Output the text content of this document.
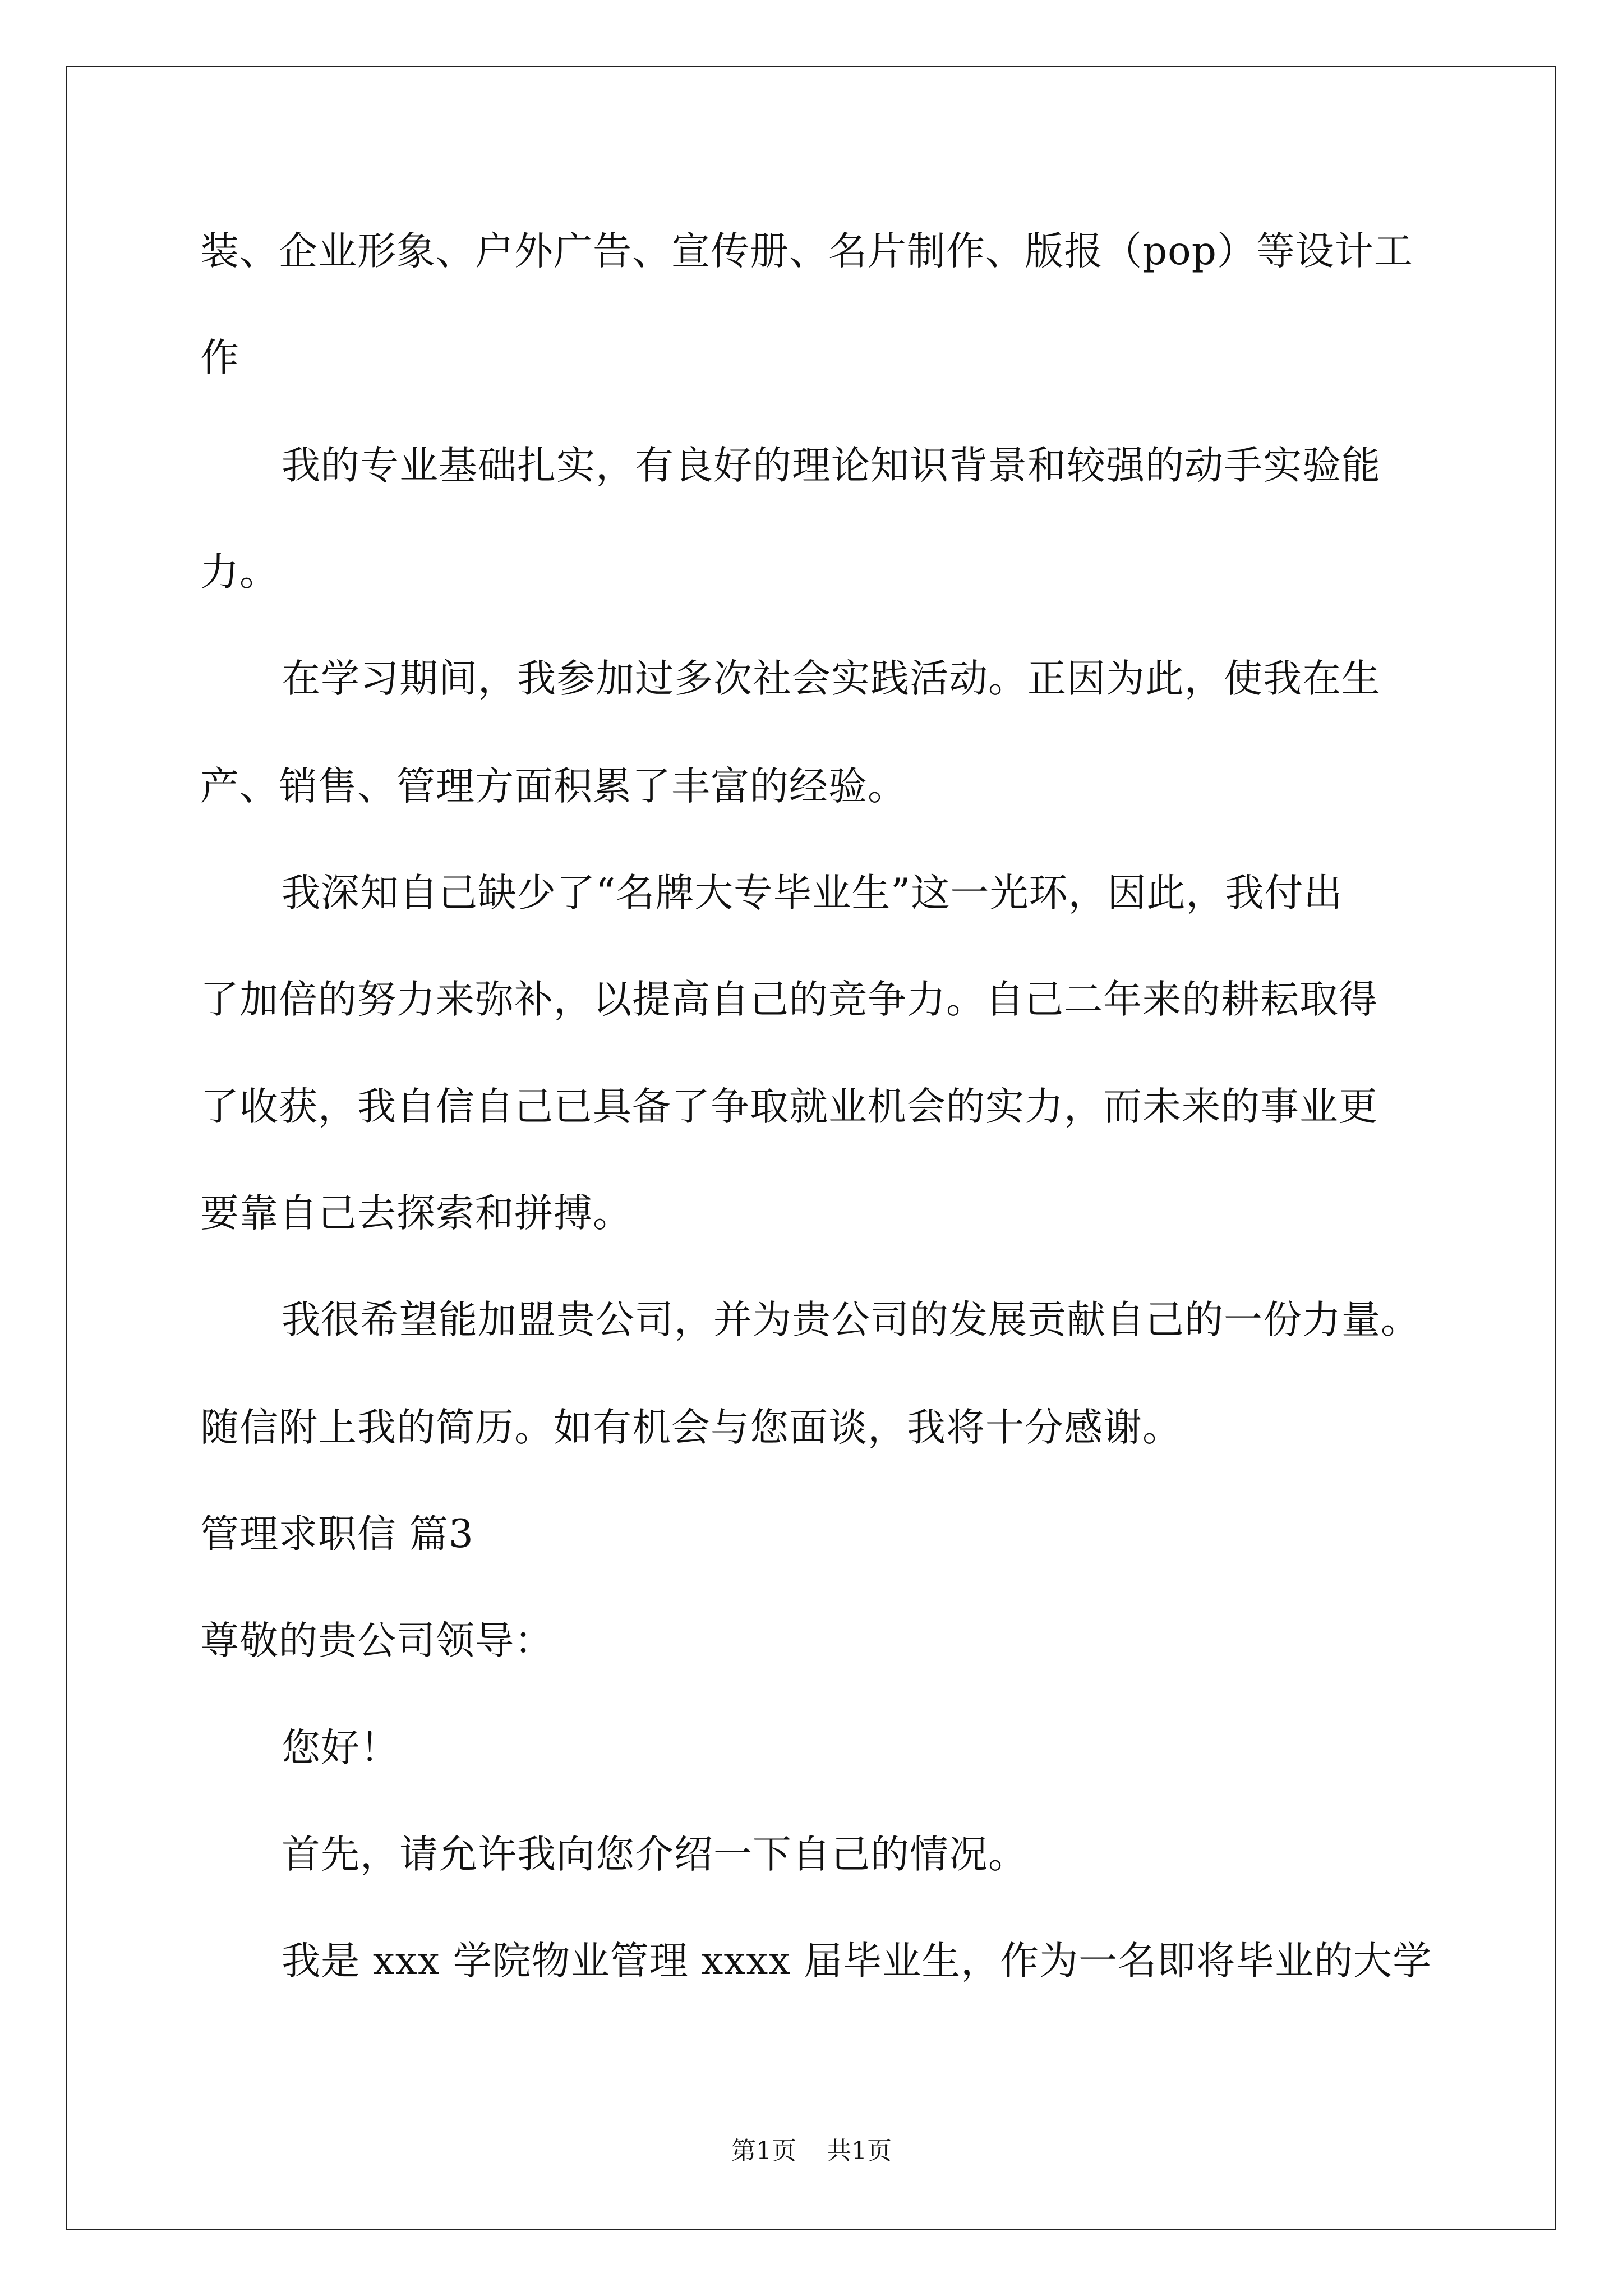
装、企业形象、户外广告、宣传册、名片制作、版报（pop）等设计工
作
我的专业基础扎实，有良好的理论知识背景和较强的动手实验能
力。
在学习期间，我参加过多次社会实践活动。正因为此，使我在生
产、销售、管理方面积累了丰富的经验。
我深知自己缺少了“名牌大专毕业生”这一光环，因此，我付出
了加倍的努力来弥补，以提高自己的竞争力。自己二年来的耕耘取得
了收获，我自信自己已具备了争取就业机会的实力，而未来的事业更
要靠自己去探索和拼搏。
我很希望能加盟贵公司，并为贵公司的发展贡献自己的一份力量。
随信附上我的简历。如有机会与您面谈，我将十分感谢。
管理求职信 篇3
尊敬的贵公司领导：
您好！
首先，请允许我向您介绍一下自己的情况。
我是 xxx 学院物业管理 xxxx 届毕业生，作为一名即将毕业的大学
第1页 共1页
